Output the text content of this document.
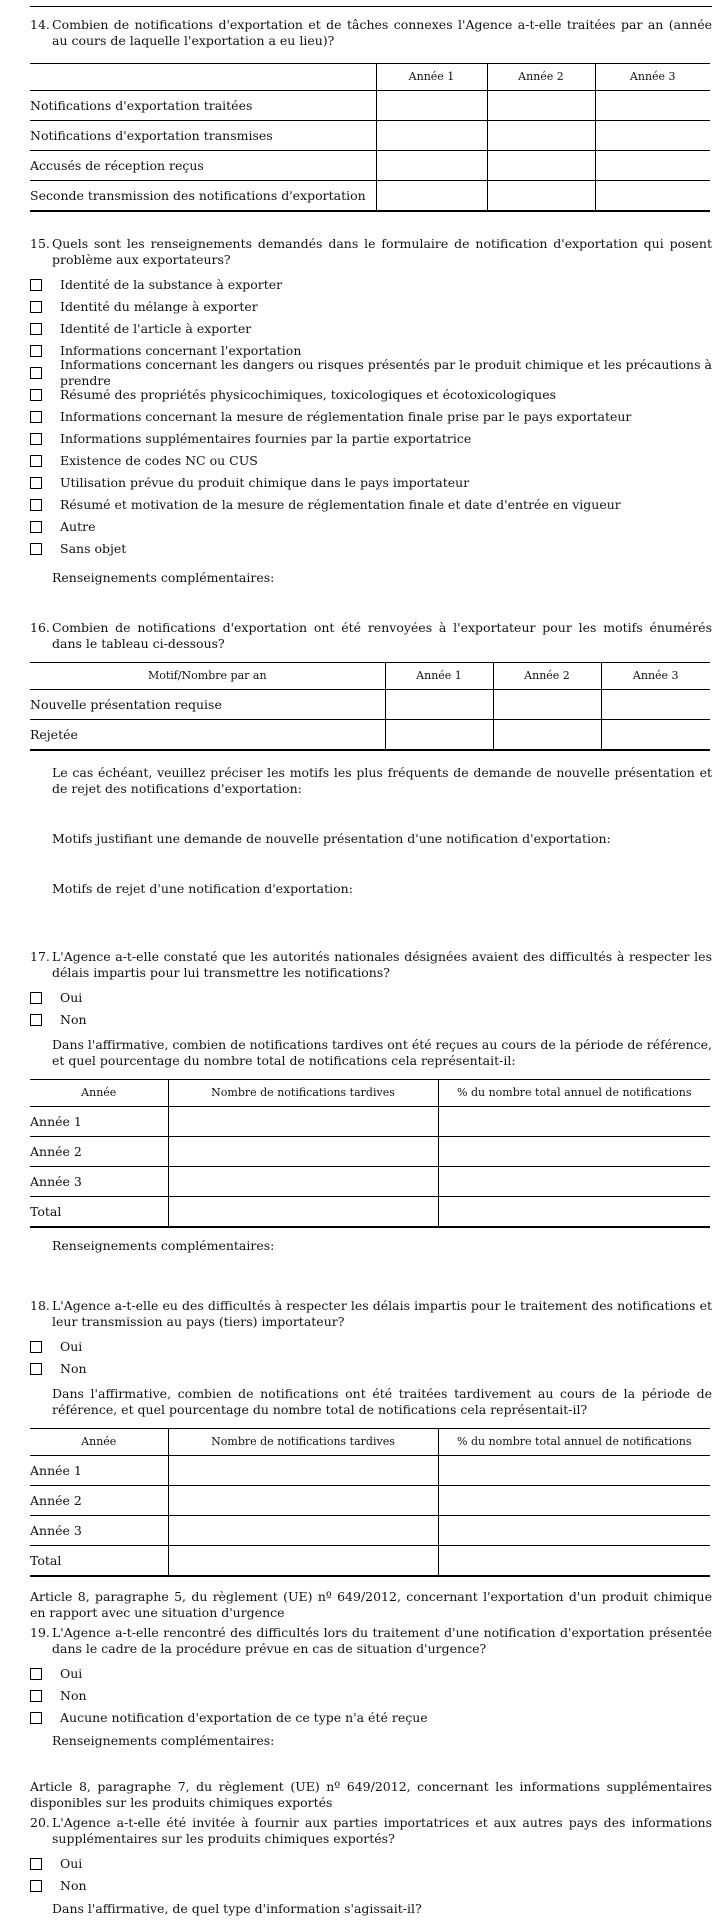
14. Combien de notifications d'exportation et de tâches connexes l'Agence a-t-elle traitées par an (année au cours de laquelle l'exportation a eu lieu)?
	Année 1	Année 2	Année 3
Notifications d'exportation traitées			
Notifications d'exportation transmises			
Accusés de réception reçus			
Seconde transmission des notifications d'exportation			
15. Quels sont les renseignements demandés dans le formulaire de notification d'exportation qui posent problème aux exportateurs?
Identité de la substance à exporter
Identité du mélange à exporter
Identité de l'article à exporter
Informations concernant l'exportation
Informations concernant les dangers ou risques présentés par le produit chimique et les précautions à prendre
Résumé des propriétés physicochimiques, toxicologiques et écotoxicologiques
Informations concernant la mesure de réglementation finale prise par le pays exportateur
Informations supplémentaires fournies par la partie exportatrice
Existence de codes NC ou CUS
Utilisation prévue du produit chimique dans le pays importateur
Résumé et motivation de la mesure de réglementation finale et date d'entrée en vigueur
Autre
Sans objet
Renseignements complémentaires:
16. Combien de notifications d'exportation ont été renvoyées à l'exportateur pour les motifs énumérés dans le tableau ci-dessous?
Motif/Nombre par an	Année 1	Année 2	Année 3
Nouvelle présentation requise			
Rejetée			
Le cas échéant, veuillez préciser les motifs les plus fréquents de demande de nouvelle présentation et de rejet des notifications d'exportation:
Motifs justifiant une demande de nouvelle présentation d'une notification d'exportation:
Motifs de rejet d'une notification d'exportation:
17. L'Agence a-t-elle constaté que les autorités nationales désignées avaient des difficultés à respecter les délais impartis pour lui transmettre les notifications?
Oui
Non
Dans l'affirmative, combien de notifications tardives ont été reçues au cours de la période de référence, et quel pourcentage du nombre total de notifications cela représentait-il:
Année	Nombre de notifications tardives	% du nombre total annuel de notifications
Année 1		
Année 2		
Année 3		
Total		
Renseignements complémentaires:
18. L'Agence a-t-elle eu des difficultés à respecter les délais impartis pour le traitement des notifications et leur transmission au pays (tiers) importateur?
Oui
Non
Dans l'affirmative, combien de notifications ont été traitées tardivement au cours de la période de référence, et quel pourcentage du nombre total de notifications cela représentait-il?
Année	Nombre de notifications tardives	% du nombre total annuel de notifications
Année 1		
Année 2		
Année 3		
Total		
Article 8, paragraphe 5, du règlement (UE) nº 649/2012, concernant l'exportation d'un produit chimique en rapport avec une situation d'urgence
19. L'Agence a-t-elle rencontré des difficultés lors du traitement d'une notification d'exportation présentée dans le cadre de la procédure prévue en cas de situation d'urgence?
Oui
Non
Aucune notification d'exportation de ce type n'a été reçue
Renseignements complémentaires:
Article 8, paragraphe 7, du règlement (UE) nº 649/2012, concernant les informations supplémentaires disponibles sur les produits chimiques exportés
20. L'Agence a-t-elle été invitée à fournir aux parties importatrices et aux autres pays des informations supplémentaires sur les produits chimiques exportés?
Oui
Non
Dans l'affirmative, de quel type d'information s'agissait-il?
